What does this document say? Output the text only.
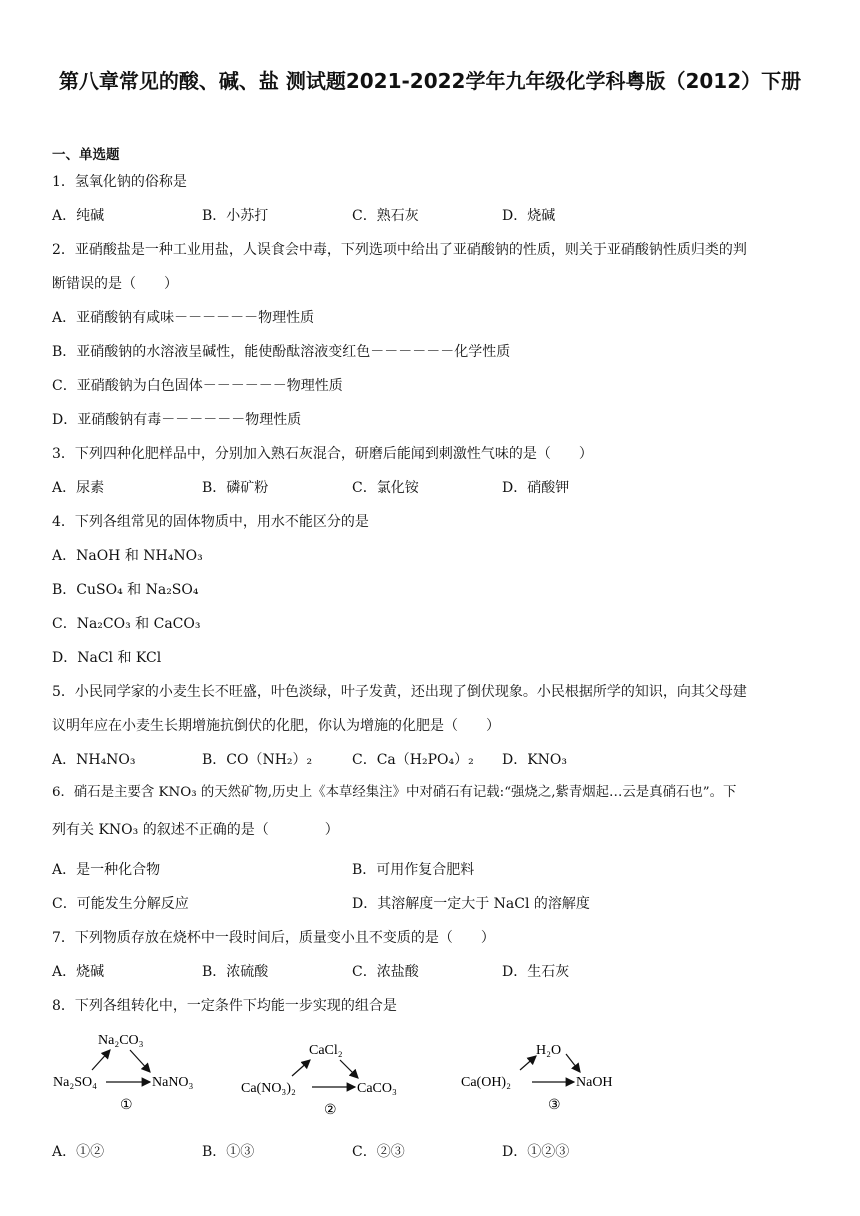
第八章常见的酸、碱、盐 测试题2021-2022学年九年级化学科粤版（2012）下册
一、单选题
1．氢氧化钠的俗称是
A．纯碱	B．小苏打	C．熟石灰	D．烧碱
2．亚硝酸盐是一种工业用盐，人误食会中毒，下列选项中给出了亚硝酸钠的性质，则关于亚硝酸钠性质归类的判
断错误的是（　　）
A．亚硝酸钠有咸味－－－－－－物理性质
B．亚硝酸钠的水溶液呈碱性，能使酚酞溶液变红色－－－－－－化学性质
C．亚硝酸钠为白色固体－－－－－－物理性质
D．亚硝酸钠有毒－－－－－－物理性质
3．下列四种化肥样品中，分别加入熟石灰混合，研磨后能闻到刺激性气味的是（　　）
A．尿素	B．磷矿粉	C．氯化铵	D．硝酸钾
4．下列各组常见的固体物质中，用水不能区分的是
A．NaOH 和 NH₄NO₃
B．CuSO₄ 和 Na₂SO₄
C．Na₂CO₃ 和 CaCO₃
D．NaCl 和 KCl
5．小民同学家的小麦生长不旺盛，叶色淡绿，叶子发黄，还出现了倒伏现象。小民根据所学的知识，向其父母建
议明年应在小麦生长期增施抗倒伏的化肥，你认为增施的化肥是（　　）
A．NH₄NO₃	B．CO（NH₂）₂	C．Ca（H₂PO₄）₂ D．KNO₃
6．硝石是主要含 KNO₃ 的天然矿物,历史上《本草经集注》中对硝石有记载:“强烧之,紫青烟起…云是真硝石也”。下
列有关 KNO₃ 的叙述不正确的是（　　　　）
A．是一种化合物	B．可用作复合肥料
C．可能发生分解反应	D．其溶解度一定大于 NaCl 的溶解度
7．下列物质存放在烧杯中一段时间后，质量变小且不变质的是（　　）
A．烧碱	B．浓硫酸	C．浓盐酸	D．生石灰
8．下列各组转化中，一定条件下均能一步实现的组合是
Na₂CO₃
Na₂SO₄	NaNO₃
①
CaCl₂
Ca(NO₃)₂	CaCO₃
②
H₂O
Ca(OH)₂	NaOH
③
A．①②	B．①③	C．②③	D．①②③
